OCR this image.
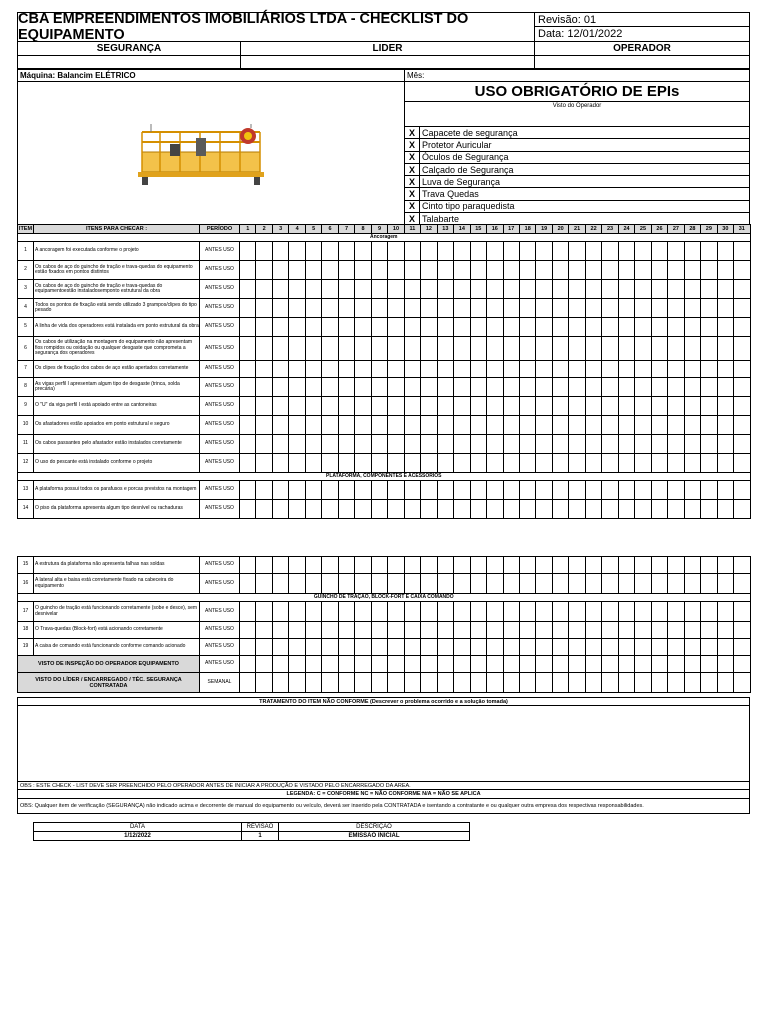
CBA EMPREENDIMENTOS IMOBILIÁRIOS LTDA - CHECKLIST DO EQUIPAMENTO
Revisão: 01
Data: 12/01/2022
SEGURANÇA	LIDER	OPERADOR
Máquina: Balancim ELÉTRICO	Mês:
USO OBRIGATÓRIO DE EPIs
Visto do Operador
X	Capacete de segurança
X	Protetor Auricular
X	Óculos de Segurança
X	Calçado de Segurança
X	Luva de Segurança
X	Trava Quedas
X	Cinto tipo paraquedista
X	Talabarte
ITEM	ITENS PARA CHECAR :	PERÍODO	1	2	3	4	5	6	7	8	9	10	11	12	13	14	15	16	17	18	19	20	21	22	23	24	25	26	27	28	29	30	31
Ancoragem																																	
1	A ancoragem foi executada conforme o projeto	ANTES USO																															
2	Os cabos de aço do guincho de tração e trava-quedas do equipamento estão fixados em pontos distintos	ANTES USO																															
3	Os cabos de aço do guincho de tração e trava-quedas do equipamentoestão instaladosemponto estrutural da obra	ANTES USO																															
4	Todos os pontos de fixação está sendo utilizado 3 grampos/clipes do tipo pesado	ANTES USO																															
5	A linha de vida dos operadores está instalada em ponto estrutural da obra	ANTES USO																															
6	Os cabos de utilização na montagem do equipamento não apresentam fios rompidos ou oxidação ou qualquer desgaste que comprometa a segurança dos operadores	ANTES USO																															
7	Os clipes de fixação dos cabos de aço estão apertados corretamente	ANTES USO																															
8	As vigas perfil I apresentam algum tipo de desgaste (trinca, solda precária)	ANTES USO																															
9	O "U" da viga perfil I está apoiado entre as cantoneiras	ANTES USO																															
10	Os afastadores estão apoiados em ponto estrutural e seguro	ANTES USO																															
11	Os cabos passantes pelo afastador estão instalados corretamente	ANTES USO																															
12	O uso do pescante está instalado conforme o projeto	ANTES USO																															
PLATAFORMA, COMPONENTES E ACESSÓRIOS																																	
13	A plataforma possui todos os parafusos e porcas previstos na montagem	ANTES USO																															
14	O piso da plataforma apresenta algum tipo desnível ou rachaduras	ANTES USO																															
15	A estrutura da plataforma não apresenta falhas nas soldas	ANTES USO																															
16	A lateral alta e baixa está corretamente fixado na cabeceira do equipamento	ANTES USO																															
GUINCHO DE TRAÇÃO, BLOCK-FORT E CAIXA COMANDO																																	
17	O guincho de tração está funcionando corretamente (sobe e desce), sem desnivelar	ANTES USO																															
18	O Trava-quedas (Block-fort) está acionando corretamente	ANTES USO																															
19	A caixa de comando está funcionando conforme comando acionado	ANTES USO																															
VISTO DE INSPEÇÃO DO OPERADOR EQUIPAMENTO		ANTES USO																															
VISTO DO LÍDER / ENCARREGADO / TÉC. SEGURANÇA CONTRATADA		SEMANAL																															
TRATAMENTO DO ITEM NÃO CONFORME (Descrever o problema ocorrido e a solução tomada)
OBS : ESTE CHECK - LIST DEVE SER PREENCHIDO PELO OPERADOR ANTES DE INICIAR A PRODUÇÃO E VISTADO PELO ENCARREGADO DA AREA.
LEGENDA: C = CONFORME NC = NÃO CONFORME N/A = NÃO SE APLICA
OBS: Qualquer item de verificação (SEGURANÇA) não indicado acima e decorrente de manual do equipamento ou veículo, deverá ser inserido pela CONTRATADA e isentando a contratante e ou qualquer outra empresa dos respectivas responsabilidades.
DATA	REVISÃO	DESCRIÇÃO
1/12/2022	1	EMISSÃO INICIAL
